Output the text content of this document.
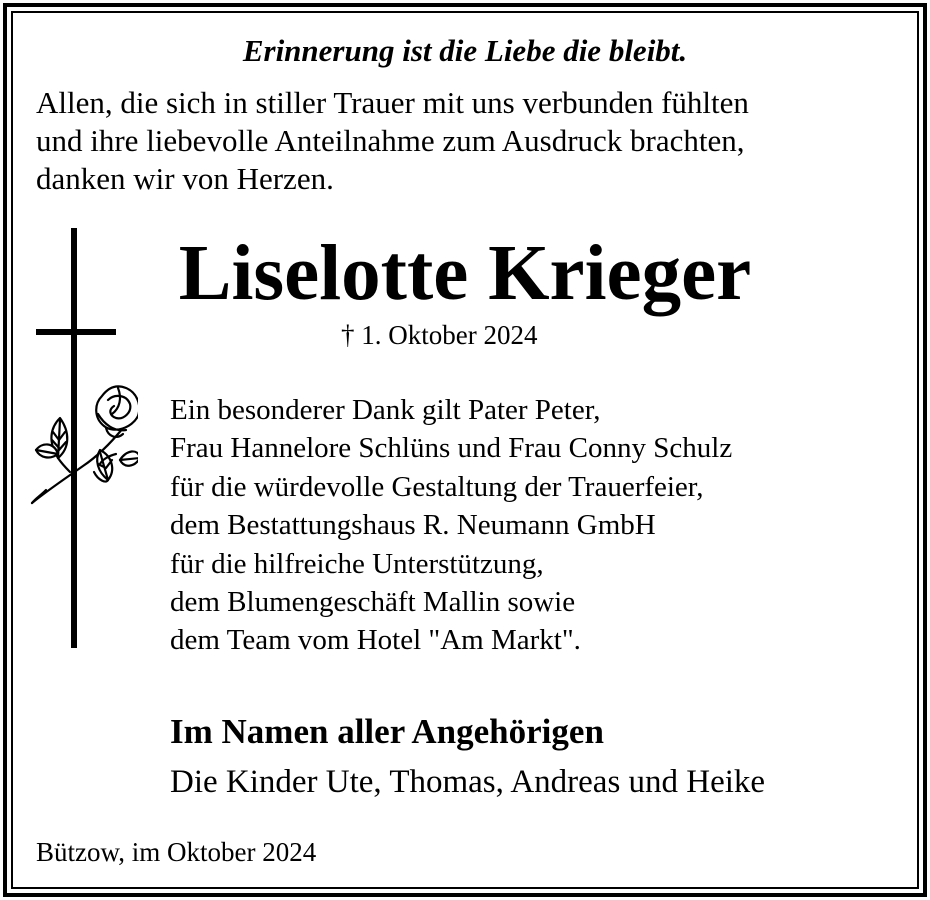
Erinnerung ist die Liebe die bleibt.
Allen, die sich in stiller Trauer mit uns verbunden fühlten
und ihre liebevolle Anteilnahme zum Ausdruck brachten,
danken wir von Herzen.
Liselotte Krieger
† 1. Oktober 2024
Ein besonderer Dank gilt Pater Peter,
Frau Hannelore Schlüns und Frau Conny Schulz
für die würdevolle Gestaltung der Trauerfeier,
dem Bestattungshaus R. Neumann GmbH
für die hilfreiche Unterstützung,
dem Blumengeschäft Mallin sowie
dem Team vom Hotel "Am Markt".
Im Namen aller Angehörigen
Die Kinder Ute, Thomas, Andreas und Heike
Bützow, im Oktober 2024
